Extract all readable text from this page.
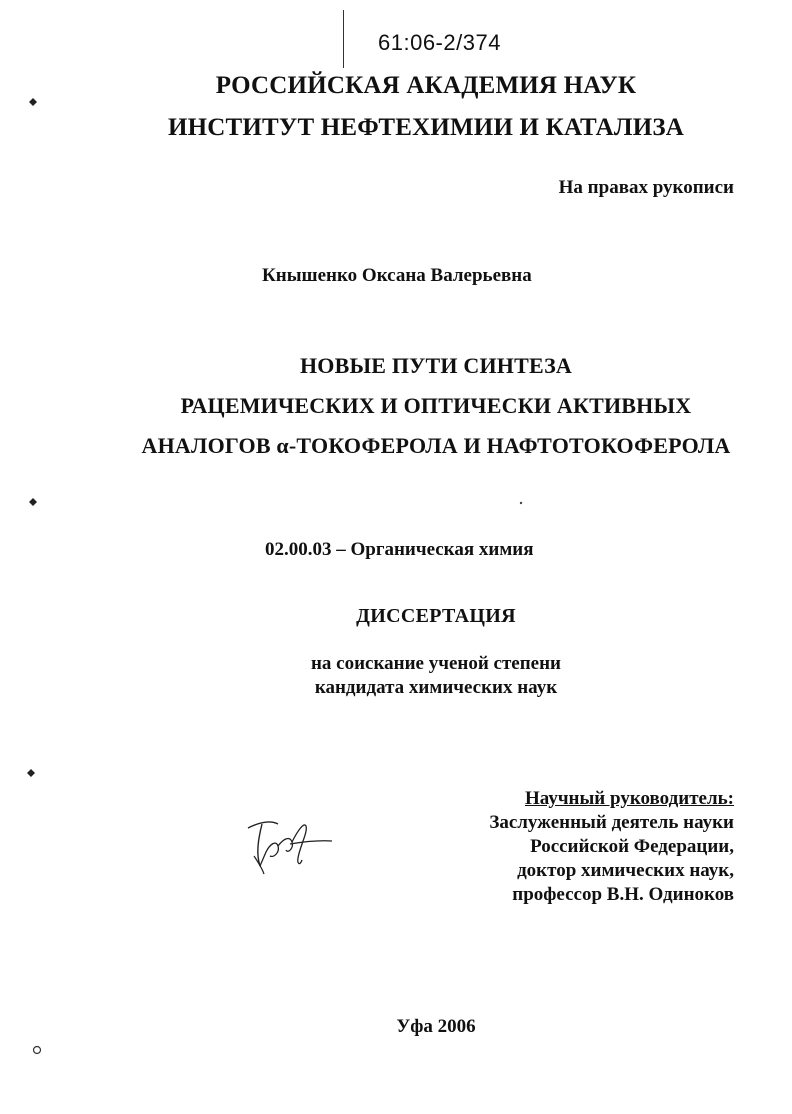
61:06-2/374
РОССИЙСКАЯ АКАДЕМИЯ НАУК
ИНСТИТУТ НЕФТЕХИМИИ И КАТАЛИЗА
На правах рукописи
Кнышенко Оксана Валерьевна
НОВЫЕ ПУТИ СИНТЕЗА
РАЦЕМИЧЕСКИХ И ОПТИЧЕСКИ АКТИВНЫХ
АНАЛОГОВ α-ТОКОФЕРОЛА И НАФТОТОКОФЕРОЛА
02.00.03 – Органическая химия
ДИССЕРТАЦИЯ
на соискание ученой степени
кандидата химических наук
Научный руководитель:
Заслуженный деятель науки
Российской Федерации,
доктор химических наук,
профессор В.Н. Одиноков
Уфа 2006
